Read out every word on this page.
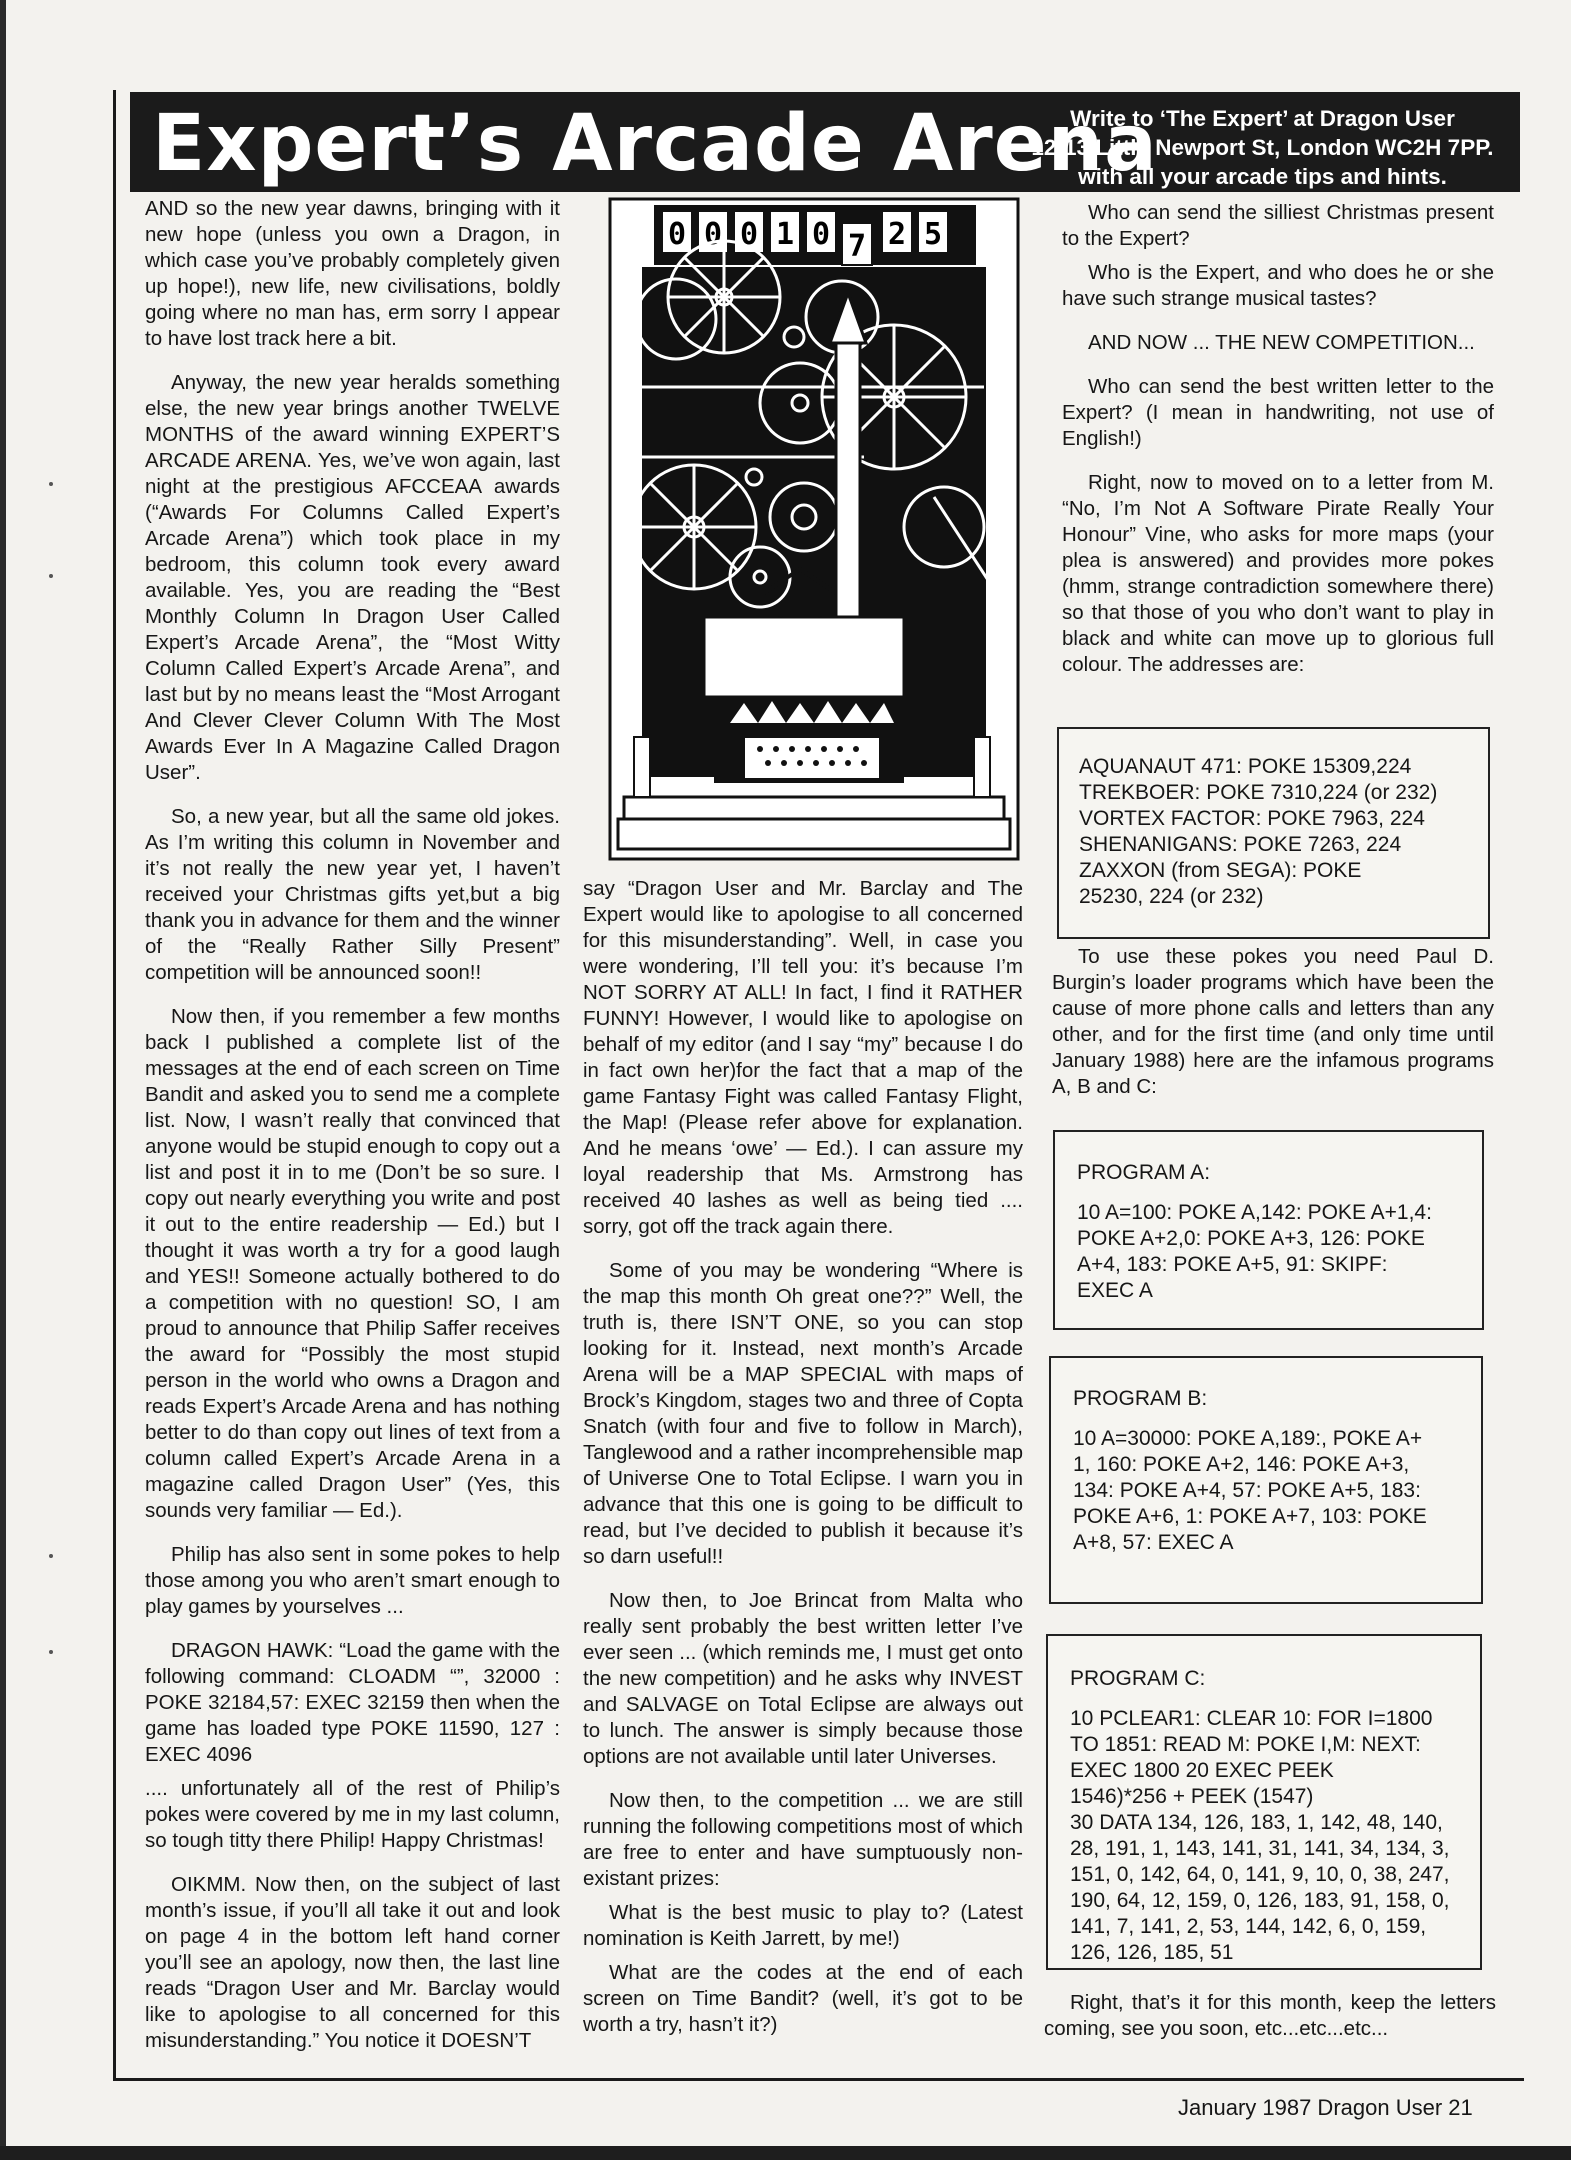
Expert’s Arcade Arena
Write to ‘The Expert’ at Dragon User
12-13 Little Newport St, London WC2H 7PP.
with all your arcade tips and hints.

AND so the new year dawns, bringing with it new hope (unless you own a Dragon, in which case you’ve probably completely given up hope!), new life, new civilisations, boldly going where no man has, erm sorry I appear to have lost track here a bit.

Anyway, the new year heralds something else, the new year brings another TWELVE MONTHS of the award winning EXPERT’S ARCADE ARENA. Yes, we’ve won again, last night at the prestigious AFCCEAA awards (“Awards For Columns Called Expert’s Arcade Arena”) which took place in my bedroom, this column took every award available. Yes, you are reading the “Best Monthly Column In Dragon User Called Expert’s Arcade Arena”, the “Most Witty Column Called Expert’s Arcade Arena”, and last but by no means least the “Most Arrogant And Clever Clever Column With The Most Awards Ever In A Magazine Called Dragon User”.

So, a new year, but all the same old jokes. As I’m writing this column in November and it’s not really the new year yet, I haven’t received your Christmas gifts yet,but a big thank you in advance for them and the winner of the “Really Rather Silly Present” competition will be announced soon!!

Now then, if you remember a few months back I published a complete list of the messages at the end of each screen on Time Bandit and asked you to send me a complete list. Now, I wasn’t really that convinced that anyone would be stupid enough to copy out a list and post it in to me (Don’t be so sure. I copy out nearly everything you write and post it out to the entire readership — Ed.) but I thought it was worth a try for a good laugh and YES!! Someone actually bothered to do a competition with no question! SO, I am proud to announce that Philip Saffer receives the award for “Possibly the most stupid person in the world who owns a Dragon and reads Expert’s Arcade Arena and has nothing better to do than copy out lines of text from a column called Expert’s Arcade Arena in a magazine called Dragon User” (Yes, this sounds very familiar — Ed.).

Philip has also sent in some pokes to help those among you who aren’t smart enough to play games by yourselves ...

DRAGON HAWK: “Load the game with the following command: CLOADM “”, 32000 : POKE 32184,57: EXEC 32159 then when the game has loaded type POKE 11590, 127 : EXEC 4096

.... unfortunately all of the rest of Philip’s pokes were covered by me in my last column, so tough titty there Philip! Happy Christmas!

OIKMM. Now then, on the subject of last month’s issue, if you’ll all take it out and look on page 4 in the bottom left hand corner you’ll see an apology, now then, the last line reads “Dragon User and Mr. Barclay would like to apologise to all concerned for this misunderstanding.” You notice it DOESN’T

0 0 0 1 0 7 2 5

say “Dragon User and Mr. Barclay and The Expert would like to apologise to all concerned for this misunderstanding”. Well, in case you were wondering, I’ll tell you: it’s because I’m NOT SORRY AT ALL! In fact, I find it RATHER FUNNY! However, I would like to apologise on behalf of my editor (and I say “my” because I do in fact own her)for the fact that a map of the game Fantasy Fight was called Fantasy Flight, the Map! (Please refer above for explanation. And he means ‘owe’ — Ed.). I can assure my loyal readership that Ms. Armstrong has received 40 lashes as well as being tied .... sorry, got off the track again there.

Some of you may be wondering “Where is the map this month Oh great one??” Well, the truth is, there ISN’T ONE, so you can stop looking for it. Instead, next month’s Arcade Arena will be a MAP SPECIAL with maps of Brock’s Kingdom, stages two and three of Copta Snatch (with four and five to follow in March), Tanglewood and a rather incomprehensible map of Universe One to Total Eclipse. I warn you in advance that this one is going to be difficult to read, but I’ve decided to publish it because it’s so darn useful!!

Now then, to Joe Brincat from Malta who really sent probably the best written letter I’ve ever seen ... (which reminds me, I must get onto the new competition) and he asks why INVEST and SALVAGE on Total Eclipse are always out to lunch. The answer is simply because those options are not available until later Universes.

Now then, to the competition ... we are still running the following competitions most of which are free to enter and have sumptuously non-existant prizes:

What is the best music to play to? (Latest nomination is Keith Jarrett, by me!)

What are the codes at the end of each screen on Time Bandit? (well, it’s got to be worth a try, hasn’t it?)

Who can send the silliest Christmas present to the Expert?

Who is the Expert, and who does he or she have such strange musical tastes?

AND NOW ... THE NEW COMPETITION...

Who can send the best written letter to the Expert? (I mean in handwriting, not use of English!)

Right, now to moved on to a letter from M. “No, I’m Not A Software Pirate Really Your Honour” Vine, who asks for more maps (your plea is answered) and provides more pokes (hmm, strange contradiction somewhere there) so that those of you who don’t want to play in black and white can move up to glorious full colour. The addresses are:

AQUANAUT 471: POKE 15309,224

TREKBOER: POKE 7310,224 (or 232)

VORTEX FACTOR: POKE 7963, 224

SHENANIGANS: POKE 7263, 224

ZAXXON (from SEGA): POKE

25230, 224 (or 232)

To use these pokes you need Paul D. Burgin’s loader programs which have been the cause of more phone calls and letters than any other, and for the first time (and only time until January 1988) here are the infamous programs A, B and C:

PROGRAM A:

10 A=100: POKE A,142: POKE A+1,4:

POKE A+2,0: POKE A+3, 126: POKE

A+4, 183: POKE A+5, 91: SKIPF:

EXEC A

PROGRAM B:

10 A=30000: POKE A,189:, POKE A+

1, 160: POKE A+2, 146: POKE A+3,

134: POKE A+4, 57: POKE A+5, 183:

POKE A+6, 1: POKE A+7, 103: POKE

A+8, 57: EXEC A

PROGRAM C:

10 PCLEAR1: CLEAR 10: FOR I=1800

TO 1851: READ M: POKE I,M: NEXT:

EXEC 1800 20 EXEC PEEK

1546)*256 + PEEK (1547)

30 DATA 134, 126, 183, 1, 142, 48, 140,

28, 191, 1, 143, 141, 31, 141, 34, 134, 3,

151, 0, 142, 64, 0, 141, 9, 10, 0, 38, 247,

190, 64, 12, 159, 0, 126, 183, 91, 158, 0,

141, 7, 141, 2, 53, 144, 142, 6, 0, 159,

126, 126, 185, 51

Right, that’s it for this month, keep the letters coming, see you soon, etc...etc...etc...

January 1987 Dragon User 21
